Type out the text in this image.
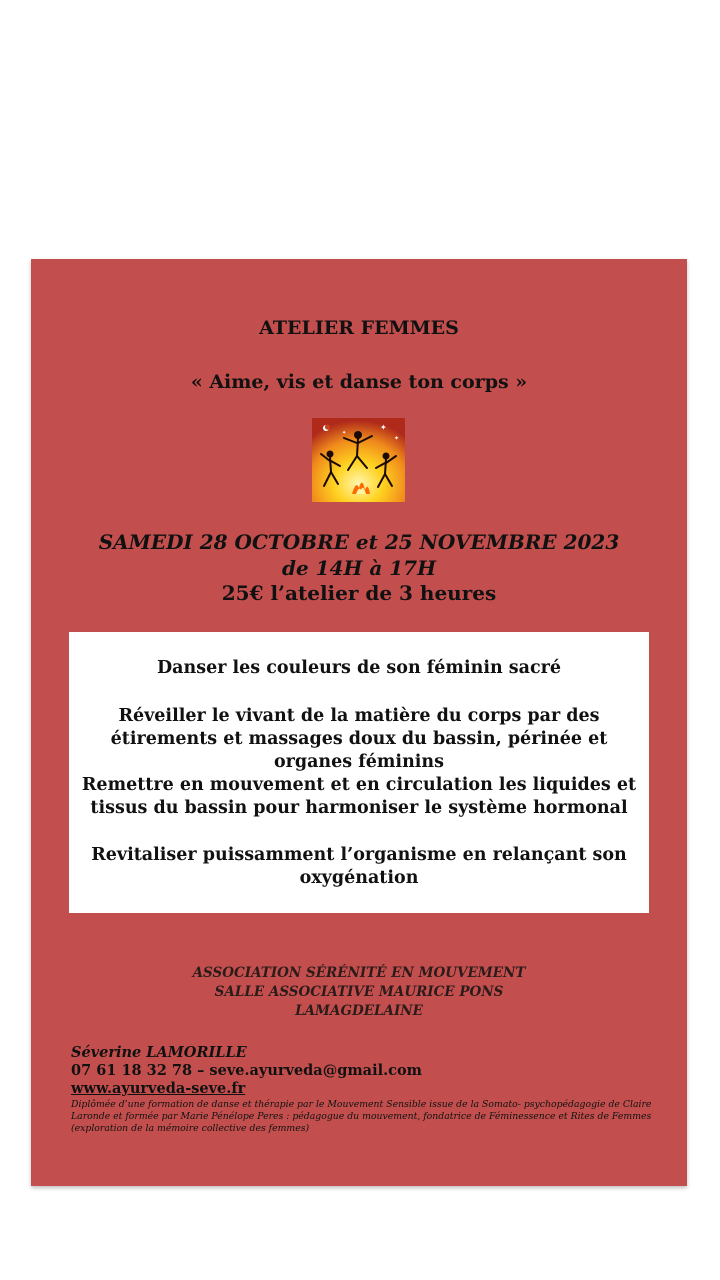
ATELIER FEMMES
« Aime, vis et danse ton corps »
✦
✦
✦
SAMEDI 28 OCTOBRE et 25 NOVEMBRE 2023
de 14H à 17H
25€ l’atelier de 3 heures

Danser les couleurs de son féminin sacré

Réveiller le vivant de la matière du corps par des étirements et massages doux du bassin, périnée et organes féminins

Remettre en mouvement et en circulation les liquides et tissus du bassin pour harmoniser le système hormonal

Revitaliser puissamment l’organisme en relançant son oxygénation

ASSOCIATION SÉRÉNITÉ EN MOUVEMENT
SALLE ASSOCIATIVE MAURICE PONS
LAMAGDELAINE
Séverine LAMORILLE
07 61 18 32 78 – seve.ayurveda@gmail.com
www.ayurveda-seve.fr
Diplômée d’une formation de danse et thérapie par le Mouvement Sensible issue de la Somato- psychopédagogie de Claire Laronde et formée par Marie Pénélope Peres : pédagogue du mouvement, fondatrice de Féminessence et Rites de Femmes (exploration de la mémoire collective des femmes)
